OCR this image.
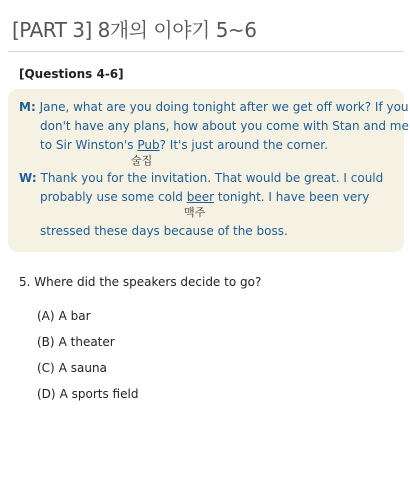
[PART 3] 8개의 이야기 5~6
[Questions 4-6]
M: Jane, what are you doing tonight after we get off work? If you
don't have any plans, how about you come with Stan and me
to Sir Winston's Pub? It's just around the corner.
술집
W: Thank you for the invitation. That would be great. I could
probably use some cold beer tonight. I have been very
맥주
stressed these days because of the boss.
5. Where did the speakers decide to go?
(A) A bar
(B) A theater
(C) A sauna
(D) A sports field
